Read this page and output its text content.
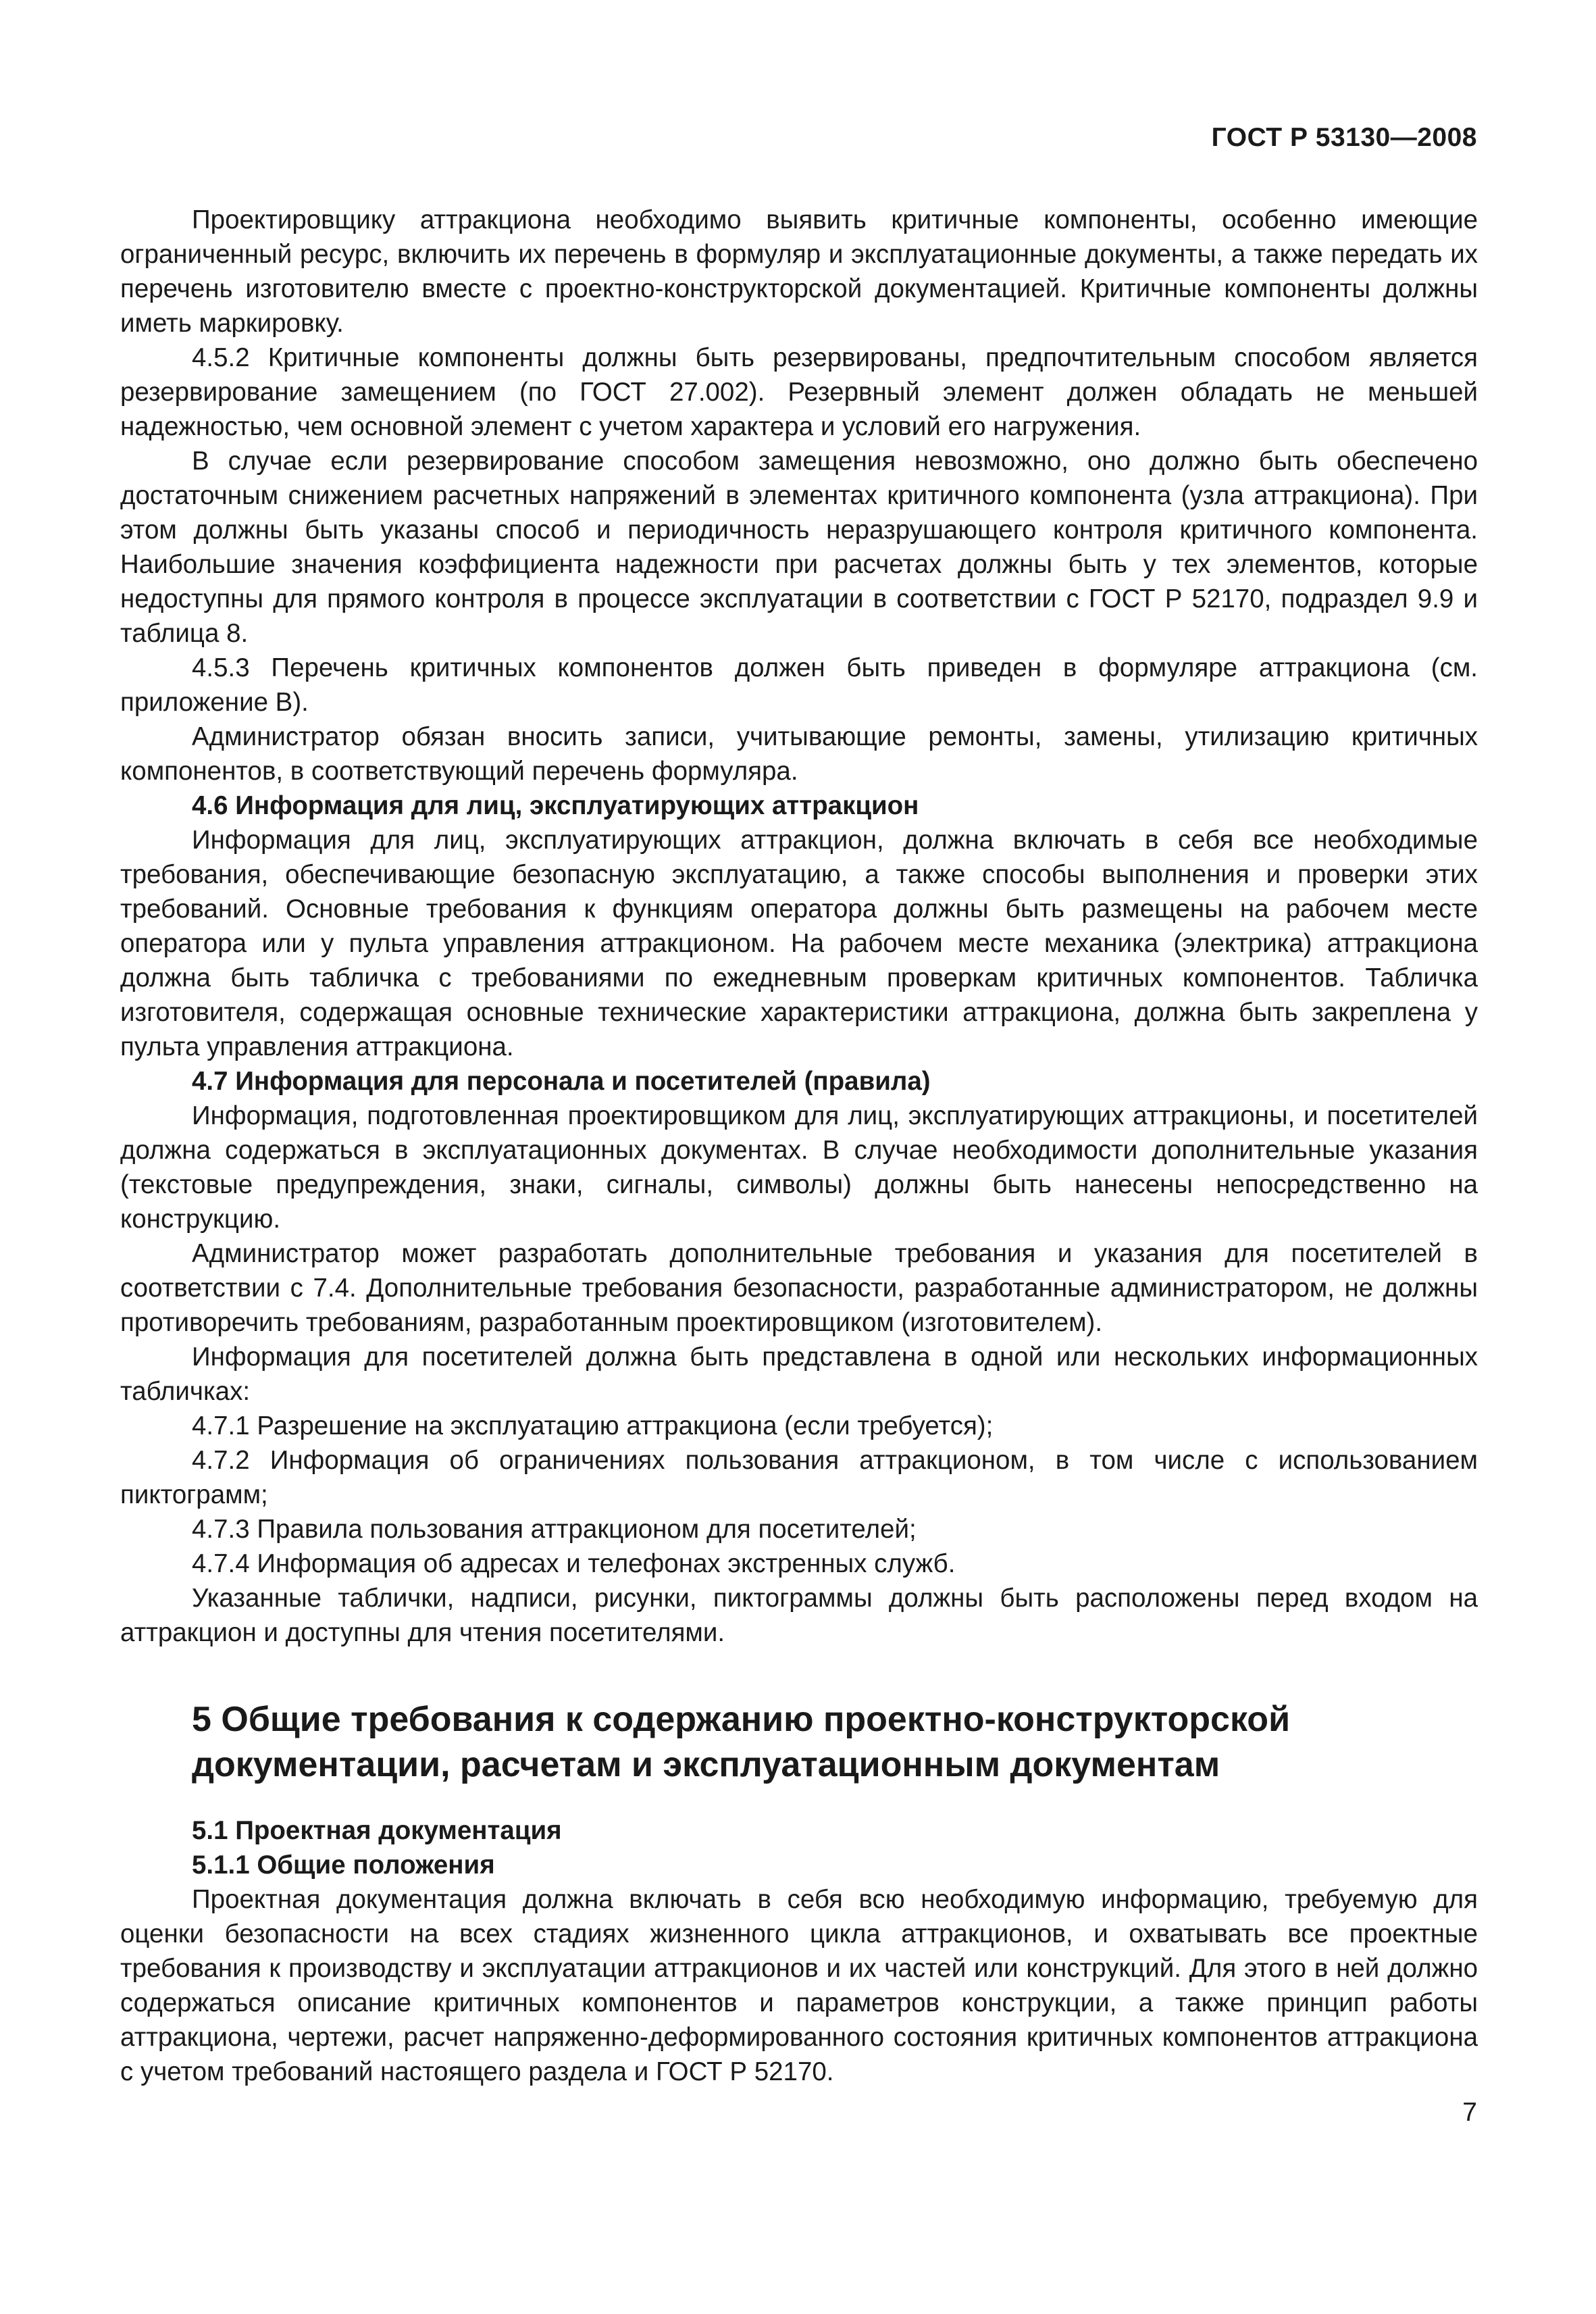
ГОСТ Р 53130—2008

Проектировщику аттракциона необходимо выявить критичные компоненты, особенно имеющие ограниченный ресурс, включить их перечень в формуляр и эксплуатационные документы, а также передать их перечень изготовителю вместе с проектно-конструкторской документацией. Критичные компоненты должны иметь маркировку.

4.5.2 Критичные компоненты должны быть резервированы, предпочтительным способом является резервирование замещением (по ГОСТ 27.002). Резервный элемент должен обладать не меньшей надежностью, чем основной элемент с учетом характера и условий его нагружения.

В случае если резервирование способом замещения невозможно, оно должно быть обеспечено достаточным снижением расчетных напряжений в элементах критичного компонента (узла аттракциона). При этом должны быть указаны способ и периодичность неразрушающего контроля критичного компонента. Наибольшие значения коэффициента надежности при расчетах должны быть у тех элементов, которые недоступны для прямого контроля в процессе эксплуатации в соответствии с ГОСТ Р 52170, подраздел 9.9 и таблица 8.

4.5.3 Перечень критичных компонентов должен быть приведен в формуляре аттракциона (см. приложение В).

Администратор обязан вносить записи, учитывающие ремонты, замены, утилизацию критичных компонентов, в соответствующий перечень формуляра.

4.6 Информация для лиц, эксплуатирующих аттракцион

Информация для лиц, эксплуатирующих аттракцион, должна включать в себя все необходимые требования, обеспечивающие безопасную эксплуатацию, а также способы выполнения и проверки этих требований. Основные требования к функциям оператора должны быть размещены на рабочем месте оператора или у пульта управления аттракционом. На рабочем месте механика (электрика) аттракциона должна быть табличка с требованиями по ежедневным проверкам критичных компонентов. Табличка изготовителя, содержащая основные технические характеристики аттракциона, должна быть закреплена у пульта управления аттракциона.

4.7 Информация для персонала и посетителей (правила)

Информация, подготовленная проектировщиком для лиц, эксплуатирующих аттракционы, и посетителей должна содержаться в эксплуатационных документах. В случае необходимости дополнительные указания (текстовые предупреждения, знаки, сигналы, символы) должны быть нанесены непосредственно на конструкцию.

Администратор может разработать дополнительные требования и указания для посетителей в соответствии с 7.4. Дополнительные требования безопасности, разработанные администратором, не должны противоречить требованиям, разработанным проектировщиком (изготовителем).

Информация для посетителей должна быть представлена в одной или нескольких информационных табличках:

4.7.1 Разрешение на эксплуатацию аттракциона (если требуется);

4.7.2 Информация об ограничениях пользования аттракционом, в том числе с использованием пиктограмм;

4.7.3 Правила пользования аттракционом для посетителей;

4.7.4 Информация об адресах и телефонах экстренных служб.

Указанные таблички, надписи, рисунки, пиктограммы должны быть расположены перед входом на аттракцион и доступны для чтения посетителями.

5 Общие требования к содержанию проектно-конструкторской
документации, расчетам и эксплуатационным документам

5.1 Проектная документация

5.1.1 Общие положения

Проектная документация должна включать в себя всю необходимую информацию, требуемую для оценки безопасности на всех стадиях жизненного цикла аттракционов, и охватывать все проектные требования к производству и эксплуатации аттракционов и их частей или конструкций. Для этого в ней должно содержаться описание критичных компонентов и параметров конструкции, а также принцип работы аттракциона, чертежи, расчет напряженно-деформированного состояния критичных компонентов аттракциона с учетом требований настоящего раздела и ГОСТ Р 52170.

7
